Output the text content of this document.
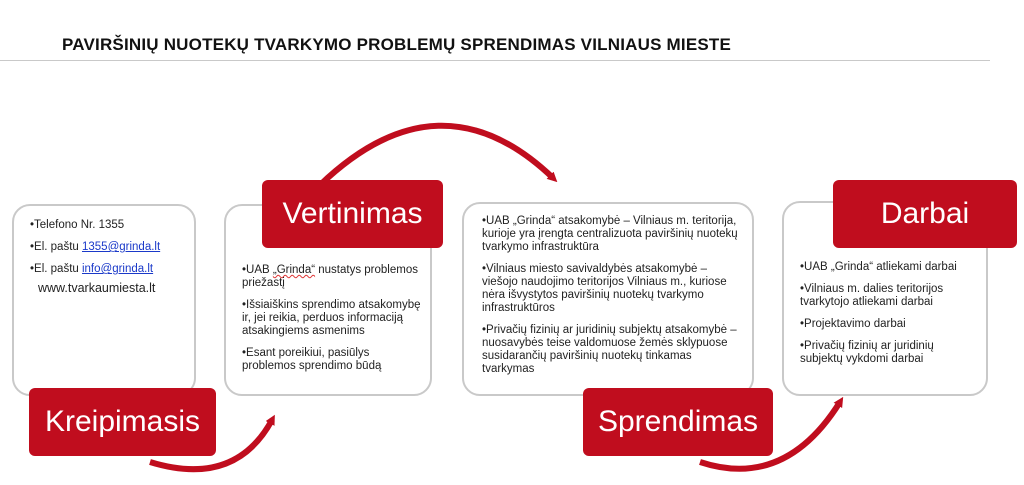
PAVIRŠINIŲ NUOTEKŲ TVARKYMO PROBLEMŲ SPRENDIMAS VILNIAUS MIESTE
• Telefono Nr. 1355
• El. paštu 1355@grinda.lt
• El. paštu info@grinda.lt
www.tvarkaumiesta.lt
Kreipimasis
• UAB „Grinda“ nustatys problemos priežastį
• Išsiaiškins sprendimo atsakomybę ir, jei reikia, perduos informaciją atsakingiems asmenims
• Esant poreikiui, pasiūlys problemos sprendimo būdą
Vertinimas
•	UAB „Grinda“ atsakomybė – Vilniaus m. teritorija, kurioje yra įrengta centralizuota paviršinių nuotekų tvarkymo infrastruktūra
• Vilniaus miesto savivaldybės atsakomybė – viešojo naudojimo teritorijos Vilniaus m., kuriose nėra išvystytos paviršinių nuotekų tvarkymo infrastruktūros
• Privačių fizinių ar juridinių subjektų atsakomybė – nuosavybės teise valdomuose žemės sklypuose susidarančių paviršinių nuotekų tinkamas tvarkymas
Sprendimas
• UAB „Grinda“ atliekami darbai
• Vilniaus m. dalies teritorijos tvarkytojo atliekami darbai
• Projektavimo darbai
• Privačių fizinių ar juridinių subjektų vykdomi darbai
Darbai
